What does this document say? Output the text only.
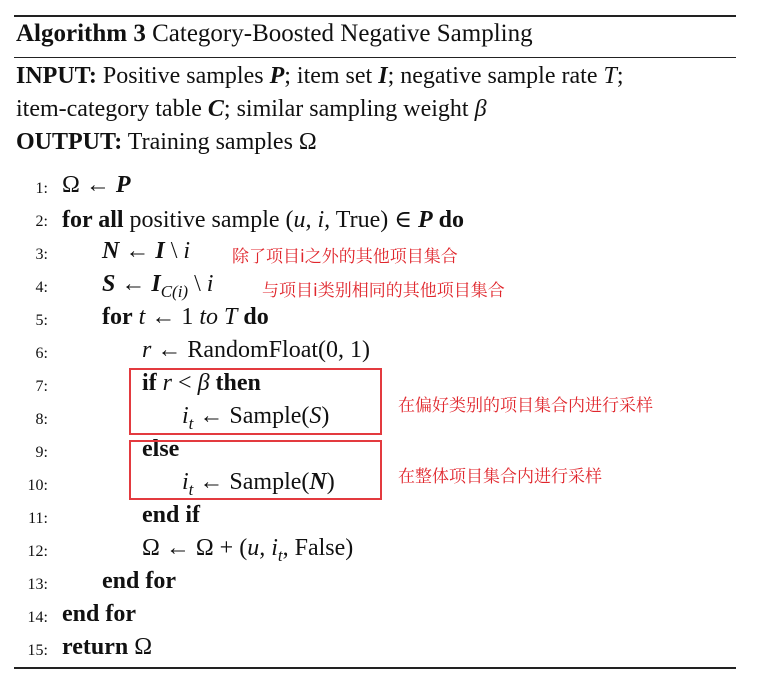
Algorithm 3 Category-Boosted Negative Sampling
INPUT: Positive samples P; item set I; negative sample rate T;
item-category table C; similar sampling weight β
OUTPUT: Training samples Ω
1: Ω ← P
2: for all positive sample (u, i, True) ∈ P do
3: N ← I \ i 除了项目i之外的其他项目集合
4: S ← $I_{C(i)}$ \ i	与项目i类别相同的其他项目集合
5: for t ← 1 to T do
6:	r ← RandomFloat(0, 1)
7:	if r < β then
8:	$i_t$ ← Sample(S)	在偏好类别的项目集合内进行采样
9:	else
10:	$i_t$ ← Sample(N)	在整体项目集合内进行采样
11:	end if
12:	Ω ← Ω + (u, $i_t$, False)
13: end for
14: end for
15: return Ω
